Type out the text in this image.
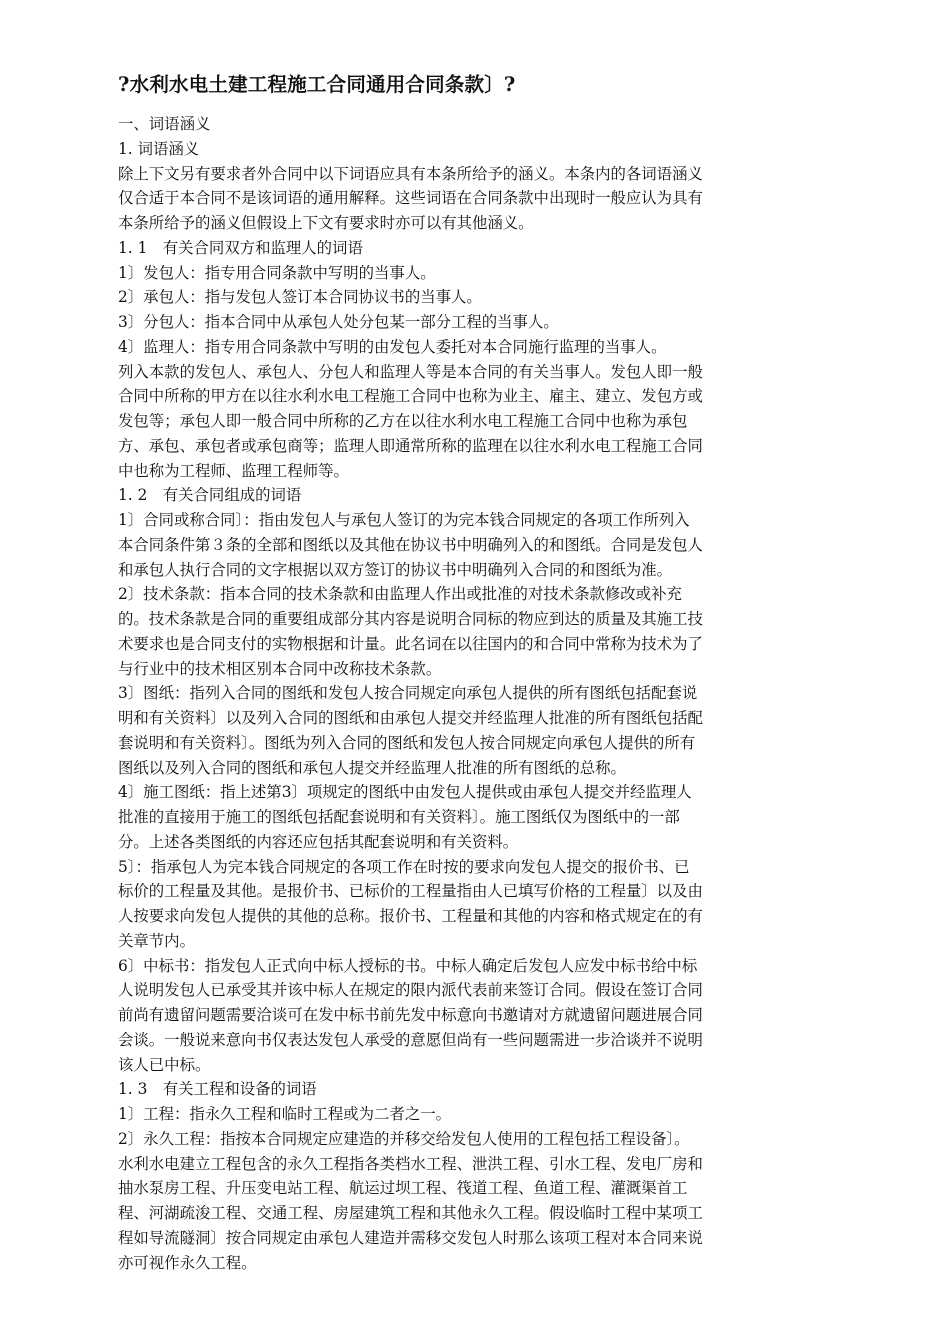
?水利水电土建工程施工合同通用合同条款〕?
一、词语涵义
1. 词语涵义
除上下文另有要求者外合同中以下词语应具有本条所给予的涵义。本条内的各词语涵义
仅合适于本合同不是该词语的通用解释。这些词语在合同条款中出现时一般应认为具有
本条所给予的涵义但假设上下文有要求时亦可以有其他涵义。
1. 1　有关合同双方和监理人的词语
1〕发包人：指专用合同条款中写明的当事人。
2〕承包人：指与发包人签订本合同协议书的当事人。
3〕分包人：指本合同中从承包人处分包某一部分工程的当事人。
4〕监理人：指专用合同条款中写明的由发包人委托对本合同施行监理的当事人。
列入本款的发包人、承包人、分包人和监理人等是本合同的有关当事人。发包人即一般
合同中所称的甲方在以往水利水电工程施工合同中也称为业主、雇主、建立、发包方或
发包等；承包人即一般合同中所称的乙方在以往水利水电工程施工合同中也称为承包
方、承包、承包者或承包商等；监理人即通常所称的监理在以往水利水电工程施工合同
中也称为工程师、监理工程师等。
1. 2　有关合同组成的词语
1〕合同或称合同〕：指由发包人与承包人签订的为完本钱合同规定的各项工作所列入
本合同条件第３条的全部和图纸以及其他在协议书中明确列入的和图纸。合同是发包人
和承包人执行合同的文字根据以双方签订的协议书中明确列入合同的和图纸为准。
2〕技术条款：指本合同的技术条款和由监理人作出或批准的对技术条款修改或补充
的。技术条款是合同的重要组成部分其内容是说明合同标的物应到达的质量及其施工技
术要求也是合同支付的实物根据和计量。此名词在以往国内的和合同中常称为技术为了
与行业中的技术相区别本合同中改称技术条款。
3〕图纸：指列入合同的图纸和发包人按合同规定向承包人提供的所有图纸包括配套说
明和有关资料〕以及列入合同的图纸和由承包人提交并经监理人批准的所有图纸包括配
套说明和有关资料〕。图纸为列入合同的图纸和发包人按合同规定向承包人提供的所有
图纸以及列入合同的图纸和承包人提交并经监理人批准的所有图纸的总称。
4〕施工图纸：指上述第3〕项规定的图纸中由发包人提供或由承包人提交并经监理人
批准的直接用于施工的图纸包括配套说明和有关资料〕。施工图纸仅为图纸中的一部
分。上述各类图纸的内容还应包括其配套说明和有关资料。
5〕：指承包人为完本钱合同规定的各项工作在时按的要求向发包人提交的报价书、已
标价的工程量及其他。是报价书、已标价的工程量指由人已填写价格的工程量〕以及由
人按要求向发包人提供的其他的总称。报价书、工程量和其他的内容和格式规定在的有
关章节内。
6〕中标书：指发包人正式向中标人授标的书。中标人确定后发包人应发中标书给中标
人说明发包人已承受其并该中标人在规定的限内派代表前来签订合同。假设在签订合同
前尚有遗留问题需要洽谈可在发中标书前先发中标意向书邀请对方就遗留问题进展合同
会谈。一般说来意向书仅表达发包人承受的意愿但尚有一些问题需进一步洽谈并不说明
该人已中标。
1. 3　有关工程和设备的词语
1〕工程：指永久工程和临时工程或为二者之一。
2〕永久工程：指按本合同规定应建造的并移交给发包人使用的工程包括工程设备〕。
水利水电建立工程包含的永久工程指各类档水工程、泄洪工程、引水工程、发电厂房和
抽水泵房工程、升压变电站工程、航运过坝工程、筏道工程、鱼道工程、灌溉渠首工
程、河湖疏浚工程、交通工程、房屋建筑工程和其他永久工程。假设临时工程中某项工
程如导流隧洞〕按合同规定由承包人建造并需移交发包人时那么该项工程对本合同来说
亦可视作永久工程。
